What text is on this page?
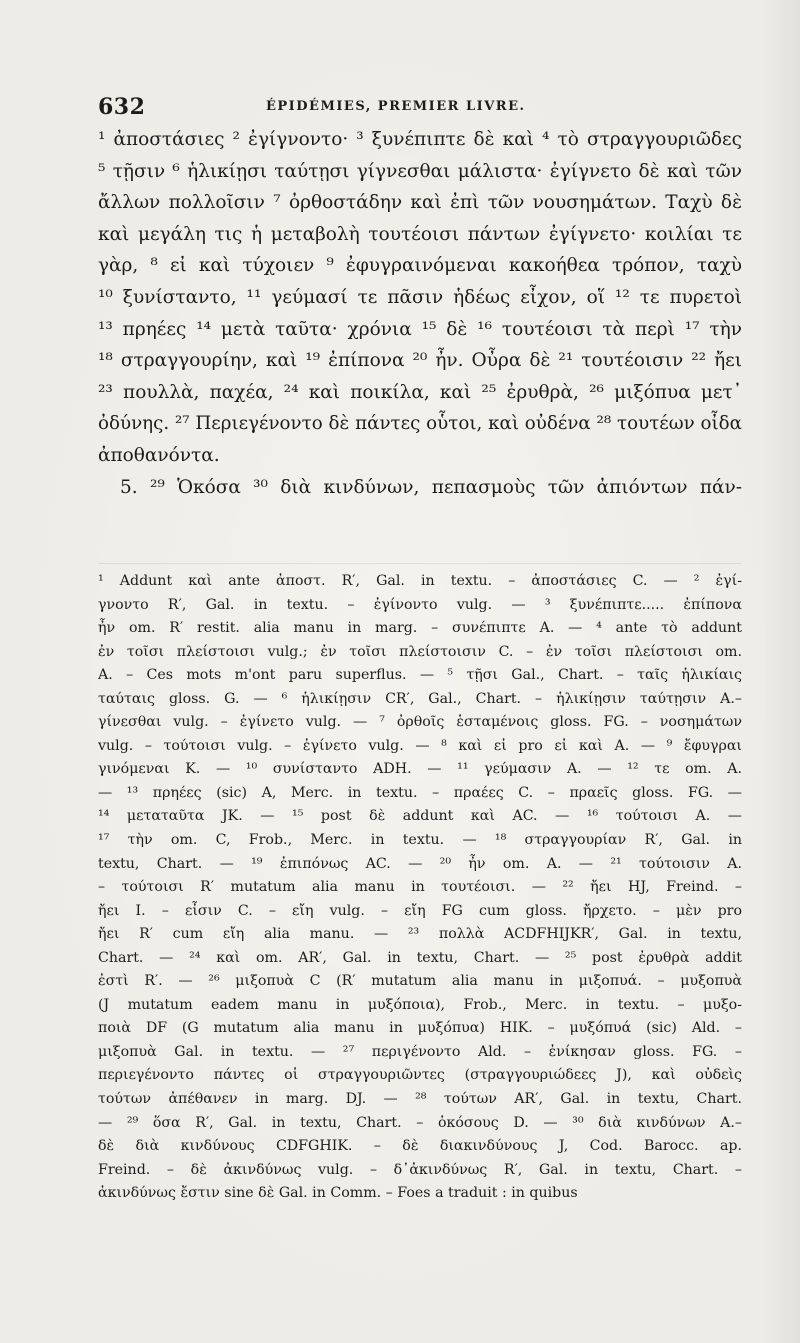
632	ÉPIDÉMIES, PREMIER LIVRE.
¹ ἀποστάσιες ² ἐγίγνοντο· ³ ξυνέπιπτε δὲ καὶ ⁴ τὸ στραγγουριῶδες
⁵ τῇσιν ⁶ ἡλικίῃσι ταύτῃσι γίγνεσθαι μάλιστα· ἐγίγνετο δὲ καὶ τῶν
ἄλλων πολλοῖσιν ⁷ ὀρθοστάδην καὶ ἐπὶ τῶν νουσημάτων. Ταχὺ δὲ
καὶ μεγάλη τις ἡ μεταβολὴ τουτέοισι πάντων ἐγίγνετο· κοιλίαι τε
γὰρ, ⁸ εἰ καὶ τύχοιεν ⁹ ἐφυγραινόμεναι κακοήθεα τρόπον, ταχὺ
¹⁰ ξυνίσταντο, ¹¹ γεύμασί τε πᾶσιν ἡδέως εἶχον, οἵ ¹² τε πυρετοὶ
¹³ πρηέες ¹⁴ μετὰ ταῦτα· χρόνια ¹⁵ δὲ ¹⁶ τουτέοισι τὰ περὶ ¹⁷ τὴν
¹⁸ στραγγουρίην, καὶ ¹⁹ ἐπίπονα ²⁰ ἦν. Οὖρα δὲ ²¹ τουτέοισιν ²² ἤει
²³ πουλλὰ, παχέα, ²⁴ καὶ ποικίλα, καὶ ²⁵ ἐρυθρὰ, ²⁶ μιξόπυα μετ᾽
ὀδύνης. ²⁷ Περιεγένοντο δὲ πάντες οὗτοι, καὶ οὐδένα ²⁸ τουτέων οἶδα
ἀποθανόντα.
5. ²⁹ Ὁκόσα ³⁰ διὰ κινδύνων, πεπασμοὺς τῶν ἀπιόντων πάν-
¹ Addunt καὶ ante ἀποστ. R′, Gal. in textu. – ἀποστάσιες C. — ² ἐγί-
γνοντο R′, Gal. in textu. – ἐγίνοντο vulg. — ³ ξυνέπιπτε..... ἐπίπονα
ἦν om. R′ restit. alia manu in marg. – συνέπιπτε A. — ⁴ ante τὸ addunt
ἐν τοῖσι πλείστοισι vulg.; ἐν τοῖσι πλείστοισιν C. – ἐν τοῖσι πλείστοισι om.
A. – Ces mots m'ont paru superflus. — ⁵ τῇσι Gal., Chart. – ταῖς ἡλικίαις
ταύταις gloss. G. — ⁶ ἡλικίῃσιν CR′, Gal., Chart. – ἡλικίῃσιν ταύτῃσιν A.–
γίνεσθαι vulg. – ἐγίνετο vulg. — ⁷ ὀρθοῖς ἑσταμένοις gloss. FG. – νοσημάτων
vulg. – τούτοισι vulg. – ἐγίνετο vulg. — ⁸ καὶ εἰ pro εἰ καὶ A. — ⁹ ἔφυγραι
γινόμεναι K. — ¹⁰ συνίσταντο ADH. — ¹¹ γεύμασιν A. — ¹² τε om. A.
— ¹³ πρηέες (sic) A, Merc. in textu. – πραέες C. – πραεῖς gloss. FG. —
¹⁴ μεταταῦτα JK. — ¹⁵ post δὲ addunt καὶ AC. — ¹⁶ τούτοισι A. —
¹⁷ τὴν om. C, Frob., Merc. in textu. — ¹⁸ στραγγουρίαν R′, Gal. in
textu, Chart. — ¹⁹ ἐπιπόνως AC. — ²⁰ ἦν om. A. — ²¹ τούτοισιν A.
– τούτοισι R′ mutatum alia manu in τουτέοισι. — ²² ἤει HJ, Freind. –
ἤει I. – εἶσιν C. – εἴη vulg. – εἴη FG cum gloss. ἤρχετο. – μὲν pro
ἤει R′ cum εἴη alia manu. — ²³ πολλὰ ACDFHIJKR′, Gal. in textu,
Chart. — ²⁴ καὶ om. AR′, Gal. in textu, Chart. — ²⁵ post ἐρυθρὰ addit
ἐστὶ R′. — ²⁶ μιξοπυὰ C (R′ mutatum alia manu in μιξοπυά. – μυξοπυὰ
(J mutatum eadem manu in μυξόποια), Frob., Merc. in textu. – μυξο-
ποιὰ DF (G mutatum alia manu in μυξόπυα) HIK. – μυξόπυά (sic) Ald. –
μιξοπυὰ Gal. in textu. — ²⁷ περιγένοντο Ald. – ἐνίκησαν gloss. FG. –
περιεγένοντο πάντες οἱ στραγγουριῶντες (στραγγουριώδεες J), καὶ οὐδεὶς
τούτων ἀπέθανεν in marg. DJ. — ²⁸ τούτων AR′, Gal. in textu, Chart.
— ²⁹ ὅσα R′, Gal. in textu, Chart. – ὁκόσους D. — ³⁰ διὰ κινδύνων A.–
δὲ διὰ κινδύνους CDFGHIK. – δὲ διακινδύνους J, Cod. Barocc. ap.
Freind. – δὲ ἀκινδύνως vulg. – δ᾽ἀκινδύνως R′, Gal. in textu, Chart. –
ἀκινδύνως ἔστιν sine δὲ Gal. in Comm. – Foes a traduit : in quibus
